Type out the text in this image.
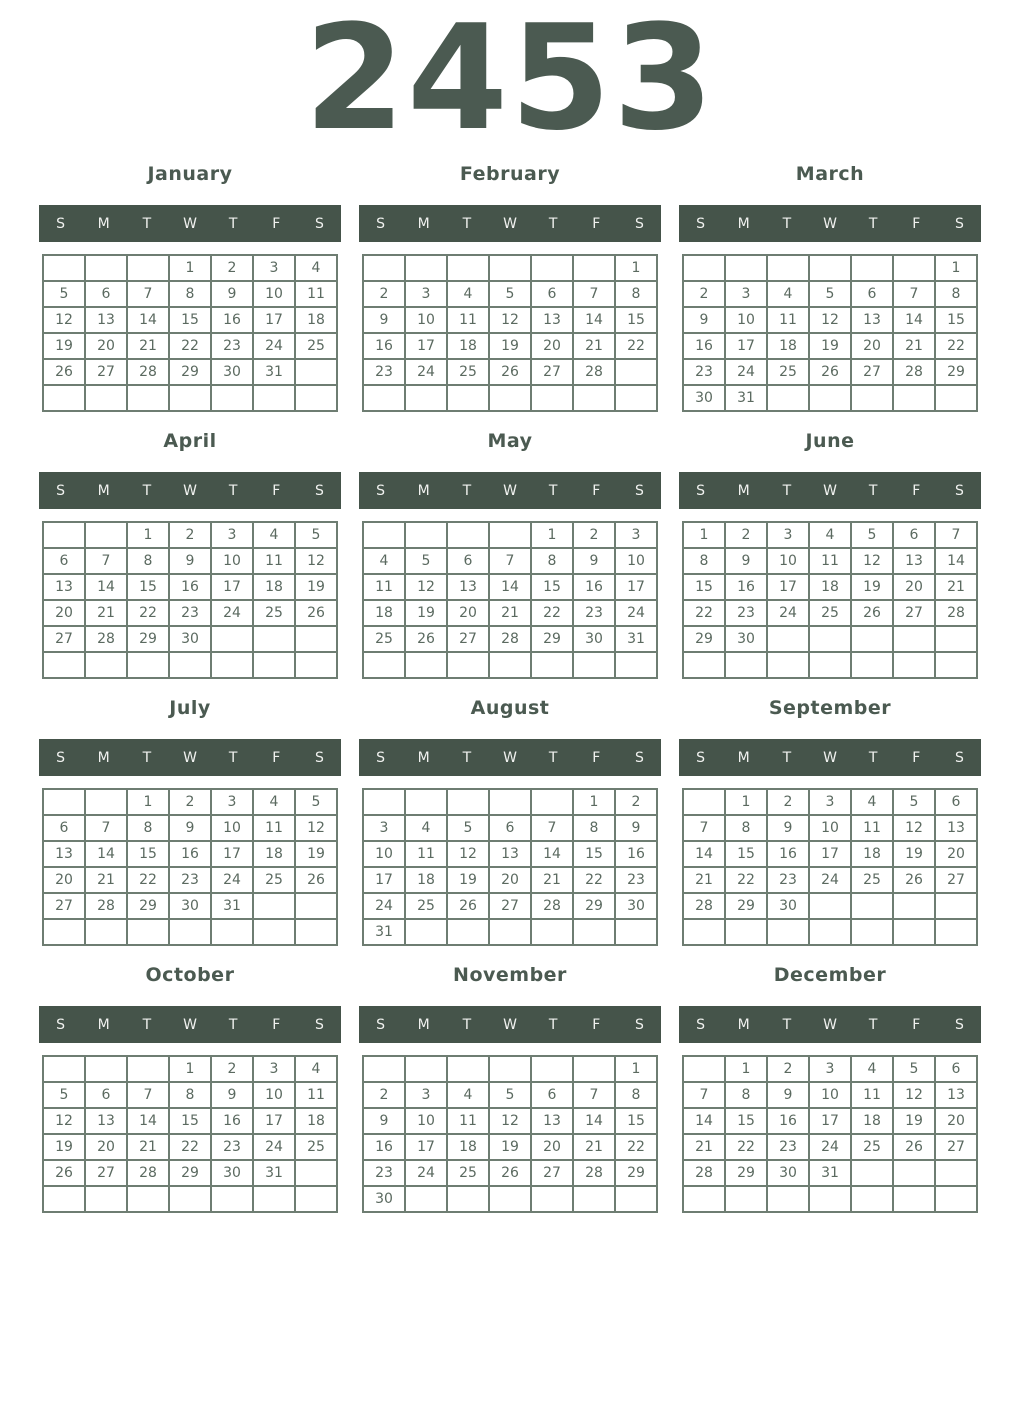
2453
January
S M T W T F S
			1	2	3	4
5	6	7	8	9	10	11
12	13	14	15	16	17	18
19	20	21	22	23	24	25
26	27	28	29	30	31	

February
S M T W T F S
						1
2	3	4	5	6	7	8
9	10	11	12	13	14	15
16	17	18	19	20	21	22
23	24	25	26	27	28	

March
S M T W T F S
						1
2	3	4	5	6	7	8
9	10	11	12	13	14	15
16	17	18	19	20	21	22
23	24	25	26	27	28	29
30	31					
April
S M T W T F S
		1	2	3	4	5
6	7	8	9	10	11	12
13	14	15	16	17	18	19
20	21	22	23	24	25	26
27	28	29	30			

May
S M T W T F S
				1	2	3
4	5	6	7	8	9	10
11	12	13	14	15	16	17
18	19	20	21	22	23	24
25	26	27	28	29	30	31

June
S M T W T F S
1	2	3	4	5	6	7
8	9	10	11	12	13	14
15	16	17	18	19	20	21
22	23	24	25	26	27	28
29	30					

July
S M T W T F S
		1	2	3	4	5
6	7	8	9	10	11	12
13	14	15	16	17	18	19
20	21	22	23	24	25	26
27	28	29	30	31		

August
S M T W T F S
					1	2
3	4	5	6	7	8	9
10	11	12	13	14	15	16
17	18	19	20	21	22	23
24	25	26	27	28	29	30
31						
September
S M T W T F S
	1	2	3	4	5	6
7	8	9	10	11	12	13
14	15	16	17	18	19	20
21	22	23	24	25	26	27
28	29	30				

October
S M T W T F S
			1	2	3	4
5	6	7	8	9	10	11
12	13	14	15	16	17	18
19	20	21	22	23	24	25
26	27	28	29	30	31	

November
S M T W T F S
						1
2	3	4	5	6	7	8
9	10	11	12	13	14	15
16	17	18	19	20	21	22
23	24	25	26	27	28	29
30						
December
S M T W T F S
	1	2	3	4	5	6
7	8	9	10	11	12	13
14	15	16	17	18	19	20
21	22	23	24	25	26	27
28	29	30	31			
